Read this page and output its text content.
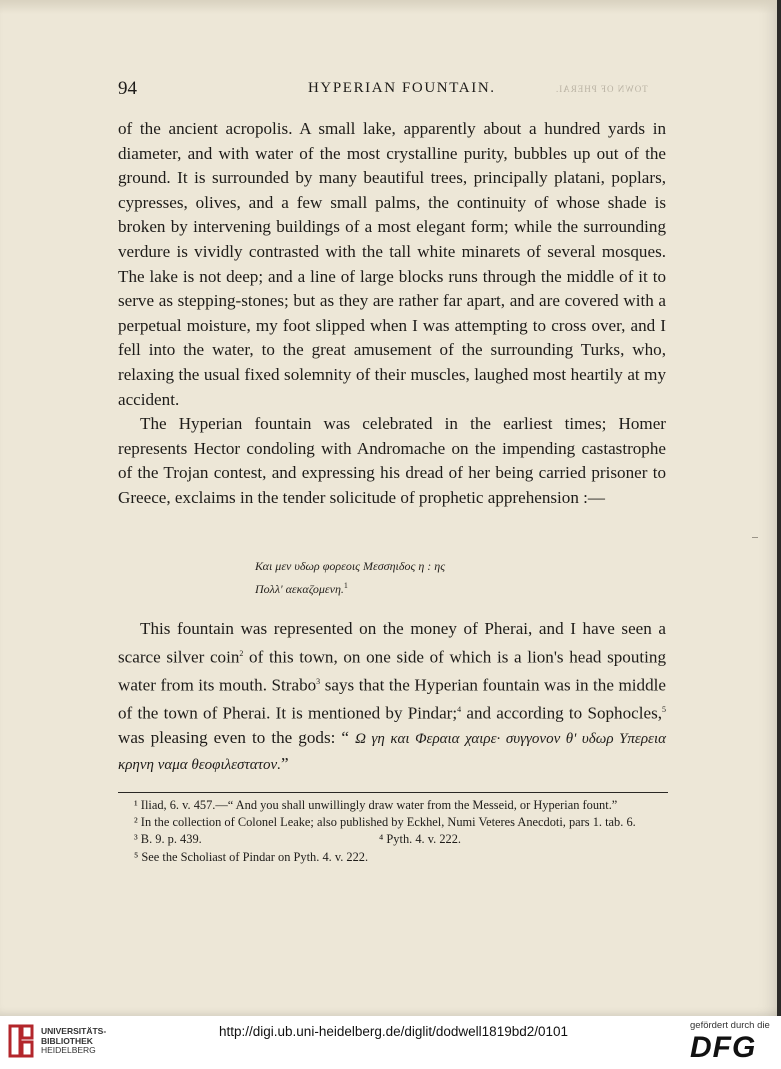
TOWN OF PHERAI.
94	HYPERIAN FOUNTAIN.

of the ancient acropolis. A small lake, apparently about a hundred yards in diameter, and with water of the most crystalline purity, bubbles up out of the ground. It is surrounded by many beautiful trees, principally platani, poplars, cypresses, olives, and a few small palms, the continuity of whose shade is broken by intervening buildings of a most elegant form; while the surrounding verdure is vividly contrasted with the tall white minarets of several mosques. The lake is not deep; and a line of large blocks runs through the middle of it to serve as stepping-stones; but as they are rather far apart, and are covered with a perpetual moisture, my foot slipped when I was attempting to cross over, and I fell into the water, to the great amusement of the surrounding Turks, who, relaxing the usual fixed solemnity of their muscles, laughed most heartily at my accident.

The Hyperian fountain was celebrated in the earliest times; Homer represents Hector condoling with Andromache on the impending castastrophe of the Trojan contest, and expressing his dread of her being carried prisoner to Greece, exclaims in the tender solicitude of prophetic apprehension :—

Και μεν υδωρ φορεοις Μεσσηιδος η : ης
Πολλ' αεκαζομενη.$^1$
This fountain was represented on the money of Pherai, and I have seen a scarce silver coin$^2$ of this town, on one side of which is a lion's head spouting water from its mouth. Strabo$^3$ says that the Hyperian fountain was in the middle of the town of Pherai. It is mentioned by Pindar;$^4$ and according to Sophocles,$^5$ was pleasing even to the gods: “ Ω γη και Φεραια χαιρε· συγγονον θ' υδωρ Υπερεια κρηνη ναμα θεοφιλεστατον.”

¹ Iliad, 6. v. 457.—“ And you shall unwillingly draw water from the Messeid, or Hyperian fount.”

² In the collection of Colonel Leake; also published by Eckhel, Numi Veteres Anecdoti, pars 1. tab. 6.

³ B. 9. p. 439.	⁴ Pyth. 4. v. 222.

⁵ See the Scholiast of Pindar on Pyth. 4. v. 222.

UNIVERSITÄTS-
BIBLIOTHEK
HEIDELBERG
http://digi.ub.uni-heidelberg.de/diglit/dodwell1819bd2/0101	gefördert durch die
DFG
